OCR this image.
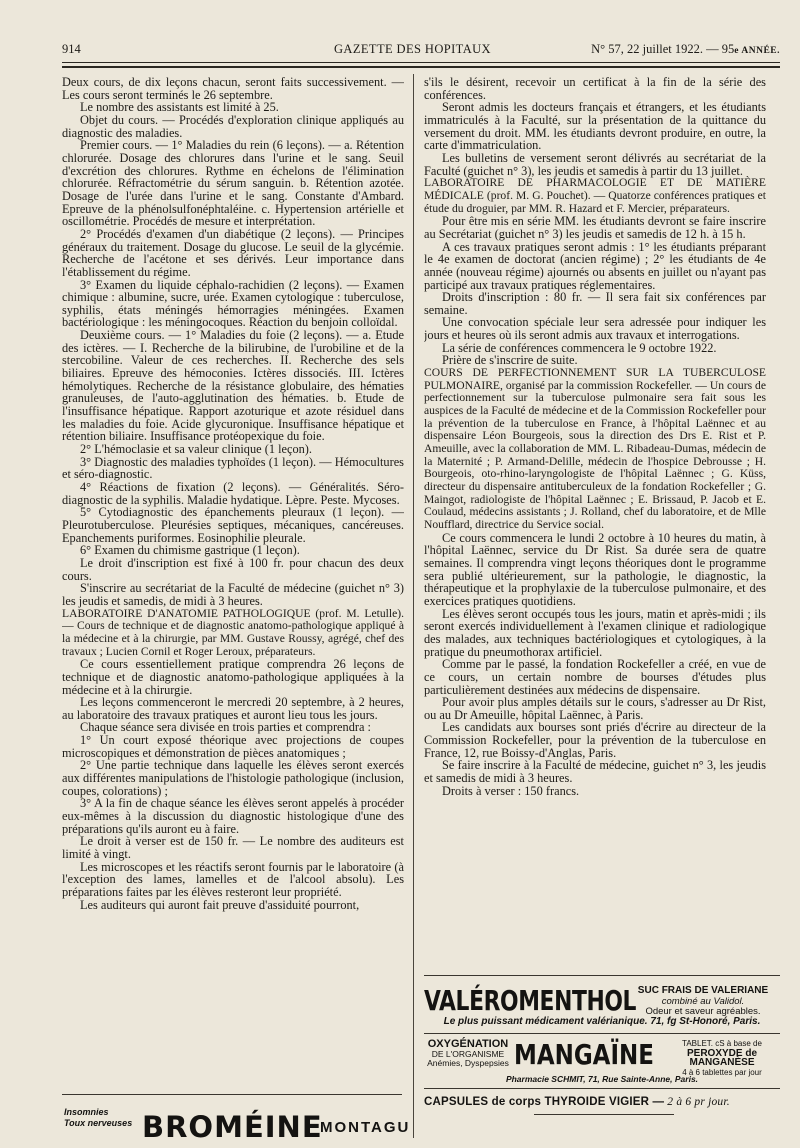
914	GAZETTE DES HOPITAUX	N° 57, 22 juillet 1922. — 95e ANNÉE.

Deux cours, de dix leçons chacun, seront faits successivement. — Les cours seront terminés le 26 septembre.

Le nombre des assistants est limité à 25.

Objet du cours. — Procédés d'exploration clinique appliqués au diagnostic des maladies.

Premier cours. — 1° Maladies du rein (6 leçons). — a. Rétention chlorurée. Dosage des chlorures dans l'urine et le sang. Seuil d'excrétion des chlorures. Rythme en échelons de l'élimination chlorurée. Réfractométrie du sérum sanguin. b. Rétention azotée. Dosage de l'urée dans l'urine et le sang. Constante d'Ambard. Epreuve de la phénolsulfonéphtaléine. c. Hypertension artérielle et oscillométrie. Procédés de mesure et interprétation.

2° Procédés d'examen d'un diabétique (2 leçons). — Principes généraux du traitement. Dosage du glucose. Le seuil de la glycémie. Recherche de l'acétone et ses dérivés. Leur importance dans l'établissement du régime.

3° Examen du liquide céphalo-rachidien (2 leçons). — Examen chimique : albumine, sucre, urée. Examen cytologique : tuberculose, syphilis, états méningés hémorragies méningées. Examen bactériologique : les méningocoques. Réaction du benjoin colloïdal.

Deuxième cours. — 1° Maladies du foie (2 leçons). — a. Etude des ictères. — I. Recherche de la bilirubine, de l'urobiline et de la stercobiline. Valeur de ces recherches. II. Recherche des sels biliaires. Epreuve des hémoconies. Ictères dissociés. III. Ictères hémolytiques. Recherche de la résistance globulaire, des hématies granuleuses, de l'auto-agglutination des hématies. b. Etude de l'insuffisance hépatique. Rapport azoturique et azote résiduel dans les maladies du foie. Acide glycuronique. Insuffisance hépatique et rétention biliaire. Insuffisance protéopexique du foie.

2° L'hémoclasie et sa valeur clinique (1 leçon).

3° Diagnostic des maladies typhoïdes (1 leçon). — Hémocultures et séro-diagnostic.

4° Réactions de fixation (2 leçons). — Généralités. Séro-diagnostic de la syphilis. Maladie hydatique. Lèpre. Peste. Mycoses.

5° Cytodiagnostic des épanchements pleuraux (1 leçon). — Pleurotuberculose. Pleurésies septiques, mécaniques, cancéreuses. Epanchements puriformes. Eosinophilie pleurale.

6° Examen du chimisme gastrique (1 leçon).

Le droit d'inscription est fixé à 100 fr. pour chacun des deux cours.

S'inscrire au secrétariat de la Faculté de médecine (guichet n° 3) les jeudis et samedis, de midi à 3 heures.

LABORATOIRE D'ANATOMIE PATHOLOGIQUE (prof. M. Letulle). — Cours de technique et de diagnostic anatomo-pathologique appliqué à la médecine et à la chirurgie, par MM. Gustave Roussy, agrégé, chef des travaux ; Lucien Cornil et Roger Leroux, préparateurs.

Ce cours essentiellement pratique comprendra 26 leçons de technique et de diagnostic anatomo-pathologique appliquées à la médecine et à la chirurgie.

Les leçons commenceront le mercredi 20 septembre, à 2 heures, au laboratoire des travaux pratiques et auront lieu tous les jours.

Chaque séance sera divisée en trois parties et comprendra :

1° Un court exposé théorique avec projections de coupes microscopiques et démonstration de pièces anatomiques ;

2° Une partie technique dans laquelle les élèves seront exercés aux différentes manipulations de l'histologie pathologique (inclusion, coupes, colorations) ;

3° A la fin de chaque séance les élèves seront appelés à procéder eux-mêmes à la discussion du diagnostic histologique d'une des préparations qu'ils auront eu à faire.

Le droit à verser est de 150 fr. — Le nombre des auditeurs est limité à vingt.

Les microscopes et les réactifs seront fournis par le laboratoire (à l'exception des lames, lamelles et de l'alcool absolu). Les préparations faites par les élèves resteront leur propriété.

Les auditeurs qui auront fait preuve d'assiduité pourront,

s'ils le désirent, recevoir un certificat à la fin de la série des conférences.

Seront admis les docteurs français et étrangers, et les étudiants immatriculés à la Faculté, sur la présentation de la quittance du versement du droit. MM. les étudiants devront produire, en outre, la carte d'immatriculation.

Les bulletins de versement seront délivrés au secrétariat de la Faculté (guichet n° 3), les jeudis et samedis à partir du 13 juillet.

LABORATOIRE DE PHARMACOLOGIE ET DE MATIÈRE MÉDICALE (prof. M. G. Pouchet). — Quatorze conférences pratiques et étude du droguier, par MM. R. Hazard et F. Mercier, préparateurs.

Pour être mis en série MM. les étudiants devront se faire inscrire au Secrétariat (guichet n° 3) les jeudis et samedis de 12 h. à 15 h.

A ces travaux pratiques seront admis : 1° les étudiants préparant le 4e examen de doctorat (ancien régime) ; 2° les étudiants de 4e année (nouveau régime) ajournés ou absents en juillet ou n'ayant pas participé aux travaux pratiques réglementaires.

Droits d'inscription : 80 fr. — Il sera fait six conférences par semaine.

Une convocation spéciale leur sera adressée pour indiquer les jours et heures où ils seront admis aux travaux et interrogations.

La série de conférences commencera le 9 octobre 1922.

Prière de s'inscrire de suite.

COURS DE PERFECTIONNEMENT SUR LA TUBERCULOSE PULMONAIRE, organisé par la commission Rockefeller. — Un cours de perfectionnement sur la tuberculose pulmonaire sera fait sous les auspices de la Faculté de médecine et de la Commission Rockefeller pour la prévention de la tuberculose en France, à l'hôpital Laënnec et au dispensaire Léon Bourgeois, sous la direction des Drs E. Rist et P. Ameuille, avec la collaboration de MM. L. Ribadeau-Dumas, médecin de la Maternité ; P. Armand-Delille, médecin de l'hospice Debrousse ; H. Bourgeois, oto-rhino-laryngologiste de l'hôpital Laënnec ; G. Küss, directeur du dispensaire antituberculeux de la fondation Rockefeller ; G. Maingot, radiologiste de l'hôpital Laënnec ; E. Brissaud, P. Jacob et E. Coulaud, médecins assistants ; J. Rolland, chef du laboratoire, et de Mlle Noufflard, directrice du Service social.

Ce cours commencera le lundi 2 octobre à 10 heures du matin, à l'hôpital Laënnec, service du Dr Rist. Sa durée sera de quatre semaines. Il comprendra vingt leçons théoriques dont le programme sera publié ultérieurement, sur la pathologie, le diagnostic, la thérapeutique et la prophylaxie de la tuberculose pulmonaire, et des exercices pratiques quotidiens.

Les élèves seront occupés tous les jours, matin et après-midi ; ils seront exercés individuellement à l'examen clinique et radiologique des malades, aux techniques bactériologiques et cytologiques, à la pratique du pneumothorax artificiel.

Comme par le passé, la fondation Rockefeller a créé, en vue de ce cours, un certain nombre de bourses d'études plus particulièrement destinées aux médecins de dispensaire.

Pour avoir plus amples détails sur le cours, s'adresser au Dr Rist, ou au Dr Ameuille, hôpital Laënnec, à Paris.

Les candidats aux bourses sont priés d'écrire au directeur de la Commission Rockefeller, pour la prévention de la tuberculose en France, 12, rue Boissy-d'Anglas, Paris.

Se faire inscrire à la Faculté de médecine, guichet n° 3, les jeudis et samedis de midi à 3 heures.

Droits à verser : 150 francs.

VALÉROMENTHOL SUC FRAIS DE VALERIANE
combiné au Validol.
Odeur et saveur agréables.
Le plus puissant médicament valérianique. 71, fg St-Honoré, Paris.
OXYGÉNATION
DE L'ORGANISME
Anémies, Dyspepsies MANGAÏNE	TABLET. cS à base de
PEROXYDE de MANGANÈSE
4 à 6 tablettes par jour
Pharmacie SCHMIT, 71, Rue Sainte-Anne, Paris.
CAPSULES de corps THYROIDE VIGIER — 2 à 6 pr jour.
Insomnies
Toux nerveuses BROMÉINE
MONTAGU
